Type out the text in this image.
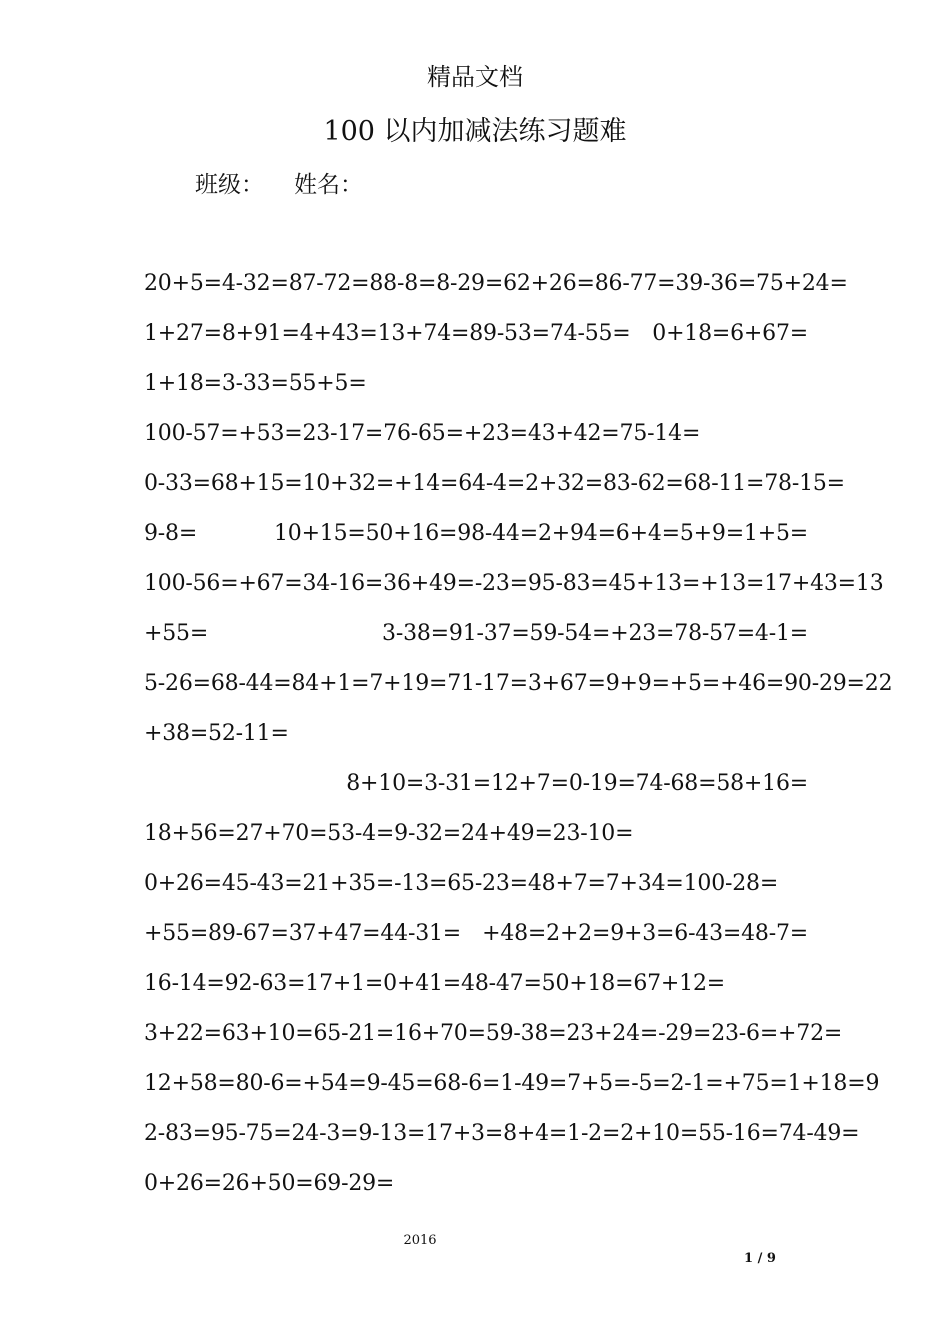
精品文档
100 以内加减法练习题难
班级： 姓名：
20+5=4-32=87-72=88-8=8-29=62+26=86-77=39-36=75+24=
1+27=8+91=4+43=13+74=89-53=74-55= 0+18=6+67=
1+18=3-33=55+5=
100-57=+53=23-17=76-65=+23=43+42=75-14=
0-33=68+15=10+32=+14=64-4=2+32=83-62=68-11=78-15=
9-8=	10+15=50+16=98-44=2+94=6+4=5+9=1+5=
100-56=+67=34-16=36+49=-23=95-83=45+13=+13=17+43=13
+55=	3-38=91-37=59-54=+23=78-57=4-1=
5-26=68-44=84+1=7+19=71-17=3+67=9+9=+5=+46=90-29=22
+38=52-11=
8+10=3-31=12+7=0-19=74-68=58+16=
18+56=27+70=53-4=9-32=24+49=23-10=
0+26=45-43=21+35=-13=65-23=48+7=7+34=100-28=
+55=89-67=37+47=44-31= +48=2+2=9+3=6-43=48-7=
16-14=92-63=17+1=0+41=48-47=50+18=67+12=
3+22=63+10=65-21= 16+70=59-38=23+24=-29=23-6=+72=
12+58=80-6=+54=9-45=68-6=1-49=7+5=-5=2-1=+75=1+18=9
2-83=95-75=24-3=9-13=17+3=8+4=1-2=2+10=55-16=74-49=
0+26=26+50=69-29=
2016
1 / 9
